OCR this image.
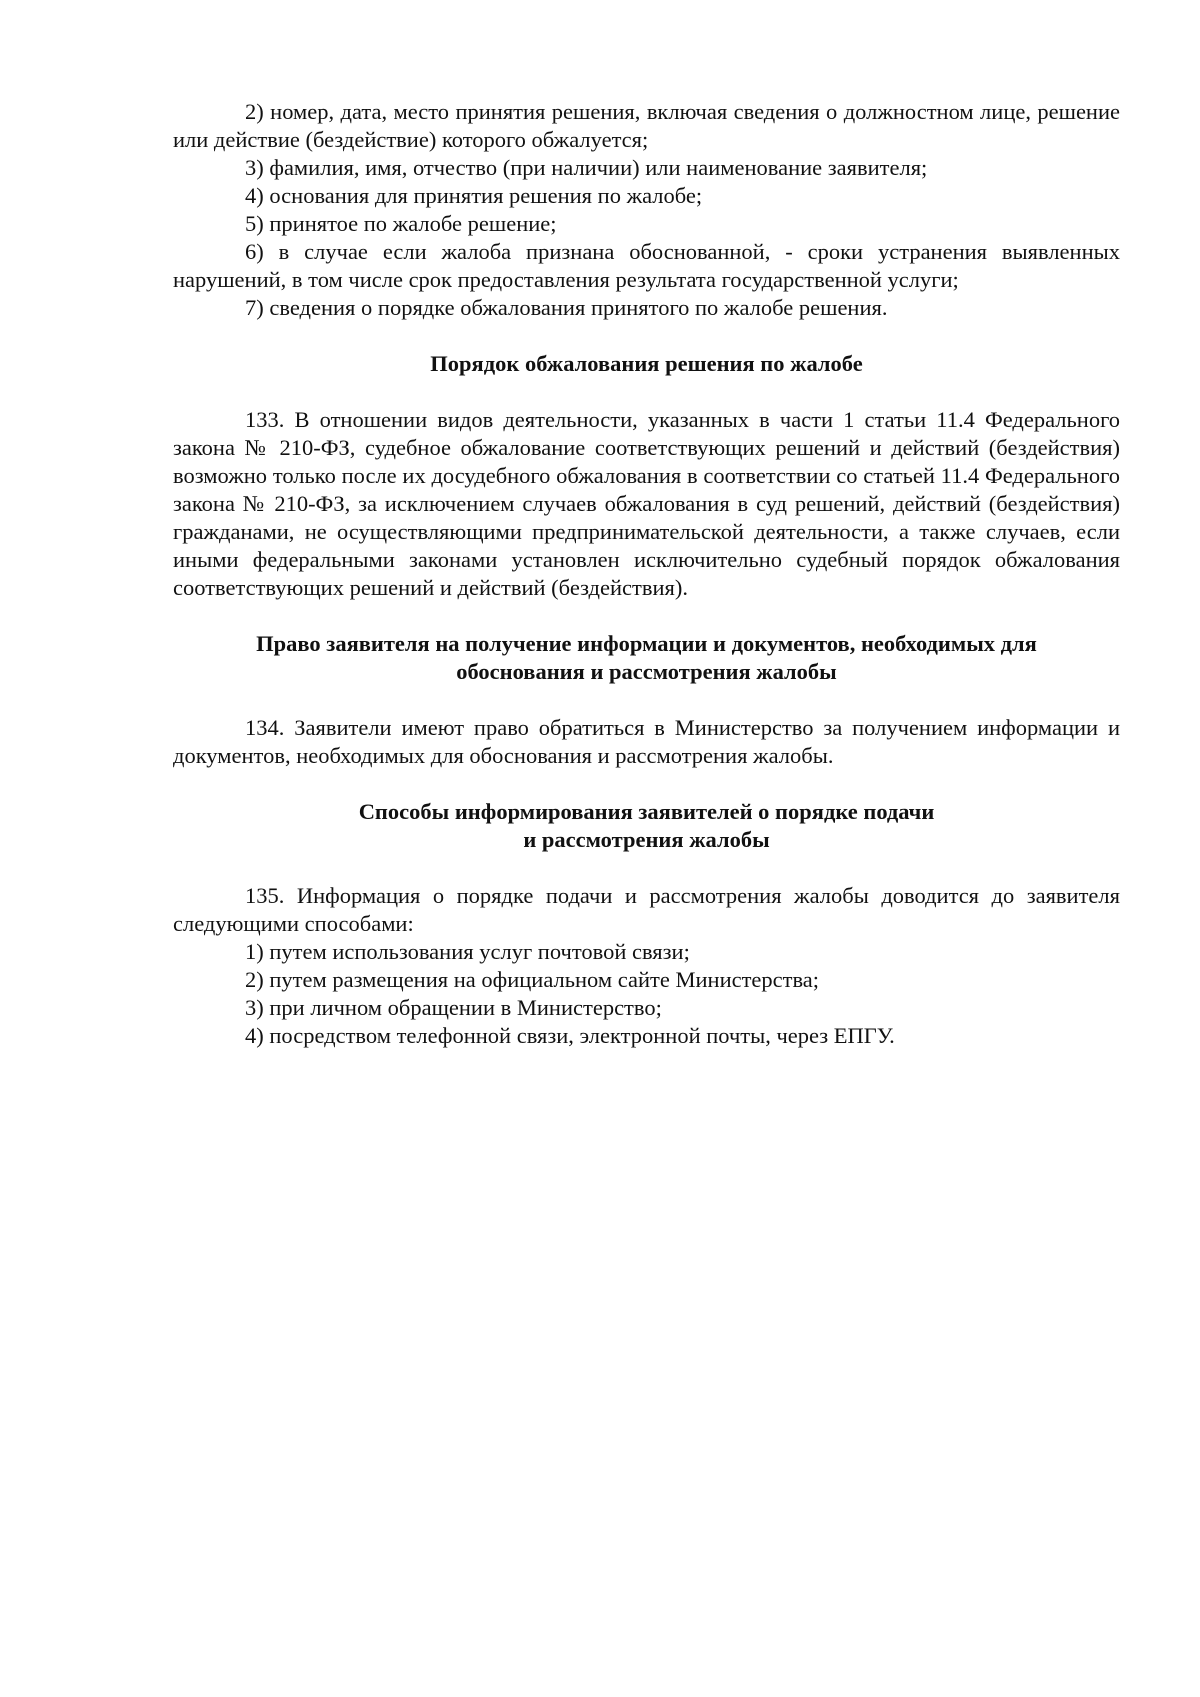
2) номер, дата, место принятия решения, включая сведения о должностном лице, решение или действие (бездействие) которого обжалуется;

3) фамилия, имя, отчество (при наличии) или наименование заявителя;

4) основания для принятия решения по жалобе;

5) принятое по жалобе решение;

6) в случае если жалоба признана обоснованной, - сроки устранения выявленных нарушений, в том числе срок предоставления результата государственной услуги;

7) сведения о порядке обжалования принятого по жалобе решения.

Порядок обжалования решения по жалобе

133. В отношении видов деятельности, указанных в части 1 статьи 11.4 Федерального закона № 210-ФЗ, судебное обжалование соответствующих решений и действий (бездействия) возможно только после их досудебного обжалования в соответствии со статьей 11.4 Федерального закона № 210-ФЗ, за исключением случаев обжалования в суд решений, действий (бездействия) гражданами, не осуществляющими предпринимательской деятельности, а также случаев, если иными федеральными законами установлен исключительно судебный порядок обжалования соответствующих решений и действий (бездействия).

Право заявителя на получение информации и документов, необходимых для
обоснования и рассмотрения жалобы

134. Заявители имеют право обратиться в Министерство за получением информации и документов, необходимых для обоснования и рассмотрения жалобы.

Способы информирования заявителей о порядке подачи
и рассмотрения жалобы

135. Информация о порядке подачи и рассмотрения жалобы доводится до заявителя следующими способами:

1) путем использования услуг почтовой связи;

2) путем размещения на официальном сайте Министерства;

3) при личном обращении в Министерство;

4) посредством телефонной связи, электронной почты, через ЕПГУ.
